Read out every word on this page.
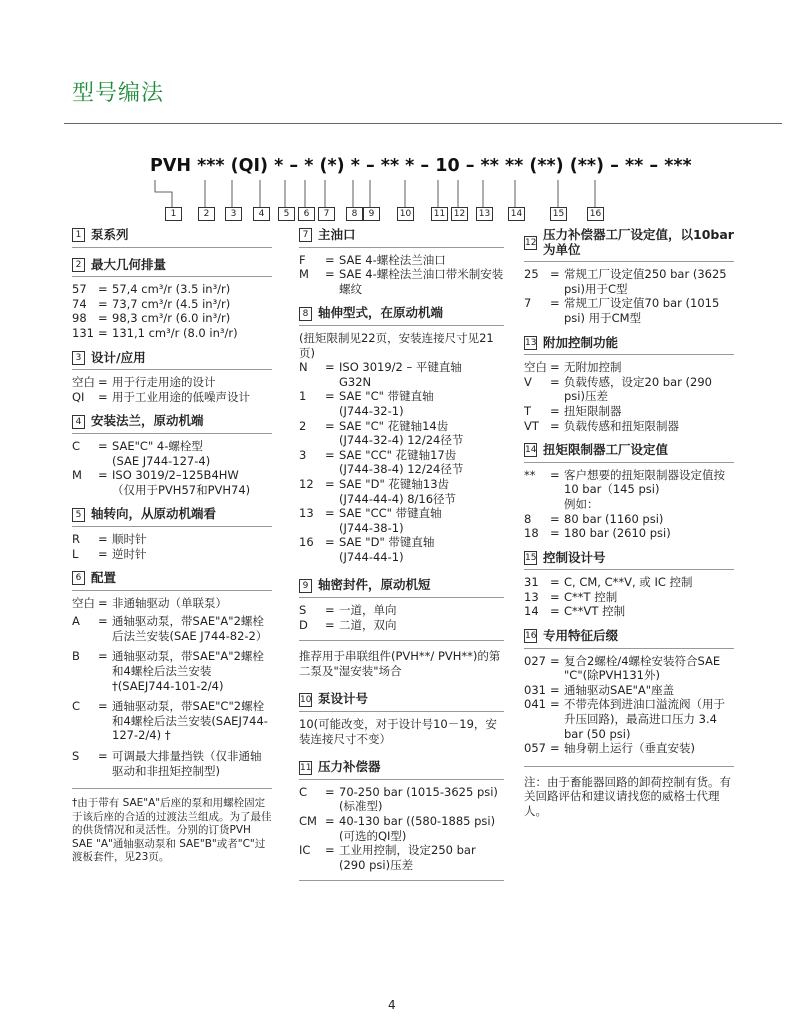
型号编法
PVH *** (QI) * – * (*) * – ** * – 10 – ** ** (**) (**) – ** – ***
1	2	3	4	5	6	7	8	9	10	11 12	13	14	15	16
1 泵系列
2 最大几何排量
57 = 57,4 cm³/r (3.5 in³/r)
74 = 73,7 cm³/r (4.5 in³/r)
98 = 98,3 cm³/r (6.0 in³/r)
131 = 131,1 cm³/r (8.0 in³/r)
3 设计/应用
空白 = 用于行走用途的设计
QI	= 用于工业用途的低噪声设计
4 安装法兰，原动机端
C	= SAE"C" 4-螺栓型
(SAE J744-127-4)
M	= ISO 3019/2–125B4HW
（仅用于PVH57和PVH74)
5 轴转向，从原动机端看
R	= 顺时针
L	= 逆时针
6 配置
空白 = 非通轴驱动（单联泵）
A	= 通轴驱动泵，带SAE"A"2螺栓后法兰安装(SAE J744-82-2）
B	= 通轴驱动泵，带SAE"A"2螺栓和4螺栓后法兰安装 †(SAEJ744-101-2/4)
C	= 通轴驱动泵，带SAE"C"2螺栓和4螺栓后法兰安装(SAEJ744-127-2/4) †
S	= 可调最大排量挡铁（仅非通轴驱动和非扭矩控制型)
†由于带有 SAE"A"后座的泵和用螺栓固定于该后座的合适的过渡法兰组成。为了最佳的供货情况和灵活性。分别的订货PVH SAE "A"通轴驱动泵和 SAE"B"或者"C"过渡板套件，见23页。
7 主油口
F	= SAE 4-螺栓法兰油口
M	= SAE 4-螺栓法兰油口带米制安装螺纹
8 轴伸型式，在原动机端
(扭矩限制见22页，安装连接尺寸见21页)
N	= ISO 3019/2 – 平键直轴
G32N
1	= SAE "C" 带键直轴
(J744-32-1)
2	= SAE "C" 花键轴14齿
(J744-32-4) 12/24径节
3	= SAE "CC" 花键轴17齿
(J744-38-4) 12/24径节
12 = SAE "D" 花键轴13齿
(J744-44-4) 8/16径节
13 = SAE "CC" 带键直轴
(J744-38-1)
16 = SAE "D" 带键直轴
(J744-44-1)
9 轴密封件，原动机短
S	= 一道，单向
D	= 二道，双向
推荐用于串联组件(PVH**/ PVH**)的第二泵及"湿安装"场合
10 泵设计号
10(可能改变，对于设计号10－19，安装连接尺寸不变）
11 压力补偿器
C	= 70-250 bar (1015-3625 psi) (标准型)
CM = 40-130 bar ((580-1885 psi) (可选的QI型)
IC	= 工业用控制，设定250 bar (290 psi)压差
12
压力补偿器工厂设定值，以10bar为单位
25 = 常规工厂设定值250 bar (3625 psi)用于C型
7	= 常规工厂设定值70 bar (1015 psi) 用于CM型
13 附加控制功能
空白 = 无附加控制
V	= 负载传感，设定20 bar (290 psi)压差
T	= 扭矩限制器
VT = 负载传感和扭矩限制器
14 扭矩限制器工厂设定值
**	= 客户想要的扭矩限制器设定值按10 bar（145 psi)
例如：
8	= 80 bar (1160 psi)
18 = 180 bar (2610 psi)
15 控制设计号
31 = C, CM, C**V, 或 IC 控制
13 = C**T 控制
14 = C**VT 控制
16 专用特征后缀
027 = 复合2螺栓/4螺栓安装符合SAE "C"(除PVH131外)
031 = 通轴驱动SAE"A"座盖
041 = 不带壳体到进油口溢流阀（用于升压回路)，最高进口压力 3.4 bar (50 psi)
057 = 轴身朝上运行（垂直安装)
注：由于畜能器回路的卸荷控制有货。有关回路评估和建议请找您的威格士代理人。
4
